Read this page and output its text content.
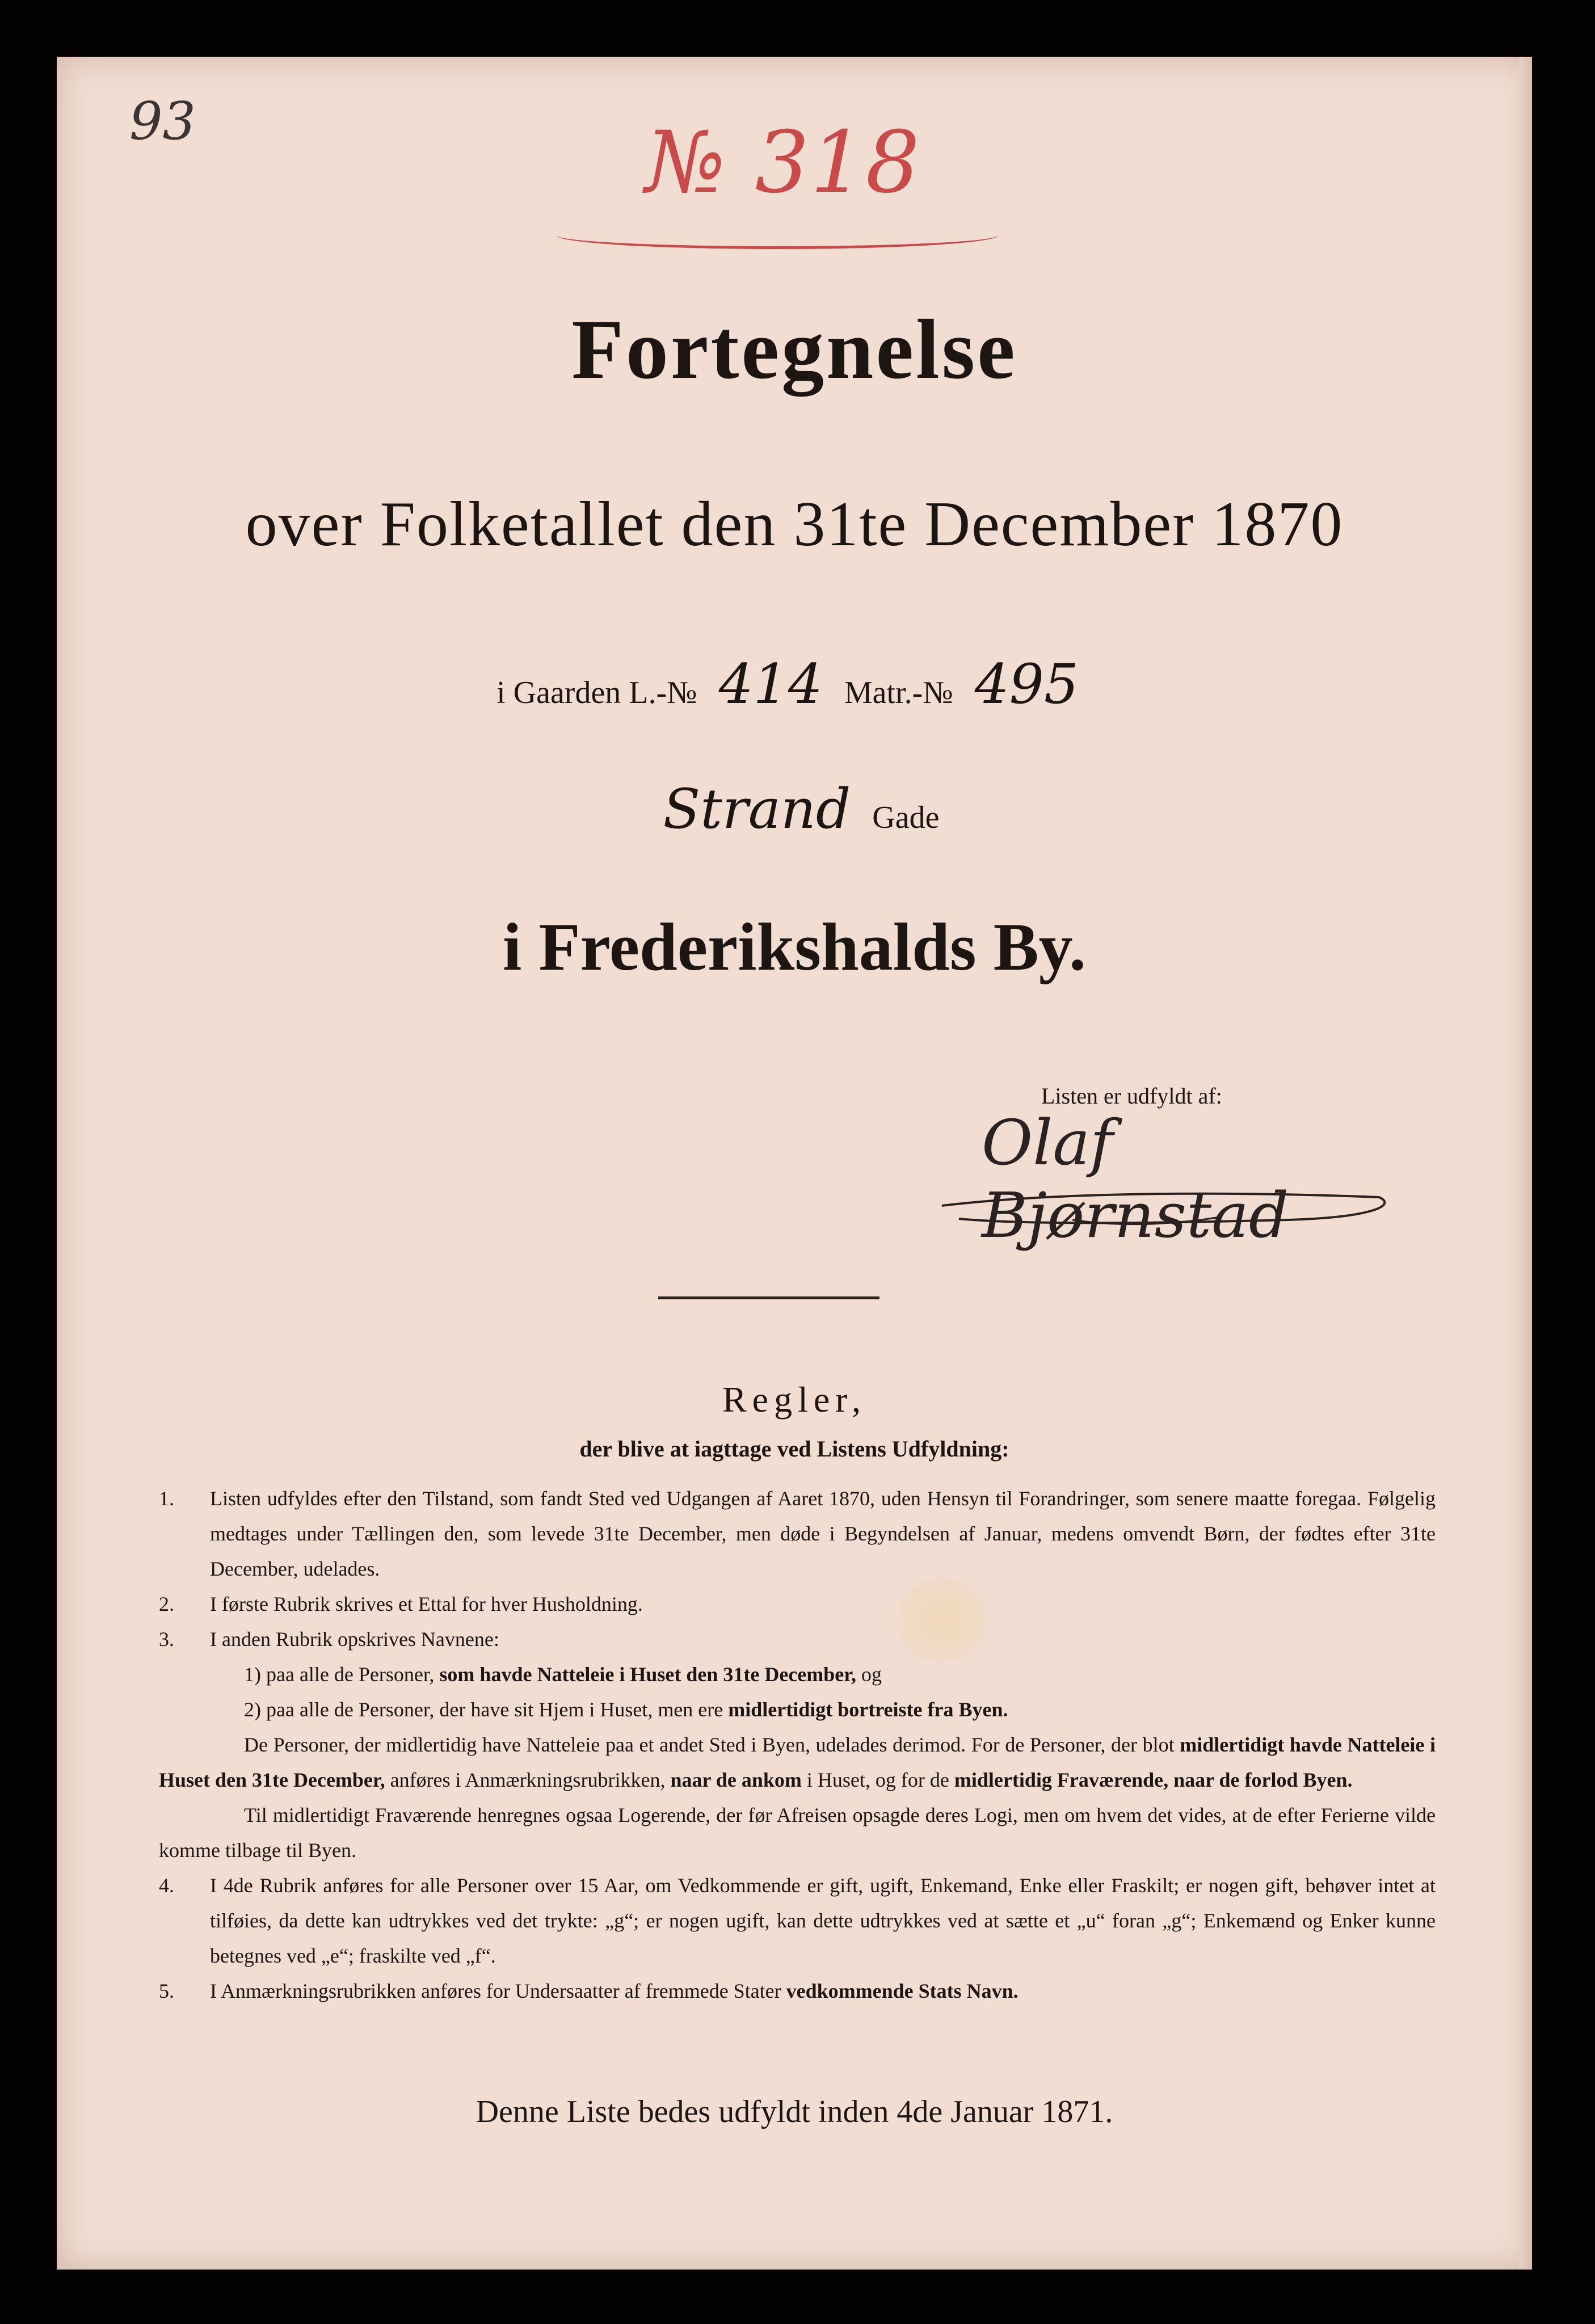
93	№ 318
Fortegnelse
over Folketallet den 31te December 1870
i Gaarden L.-№ 414 Matr.-№ 495
Strand Gade
i Frederikshalds By.
Listen er udfyldt af:
Olaf Bjørnstad
Regler,
der blive at iagttage ved Listens Udfyldning:
1. Listen udfyldes efter den Tilstand, som fandt Sted ved Udgangen af Aaret 1870, uden Hensyn til Forandringer, som senere maatte foregaa. Følgelig medtages under Tællingen den, som levede 31te December, men døde i Begyndelsen af Januar, medens omvendt Børn, der fødtes efter 31te December, udelades.
2. I første Rubrik skrives et Ettal for hver Husholdning.
3. I anden Rubrik opskrives Navnene:
1) paa alle de Personer, som havde Natteleie i Huset den 31te December, og
2) paa alle de Personer, der have sit Hjem i Huset, men ere midlertidigt bortreiste fra Byen.
De Personer, der midlertidig have Natteleie paa et andet Sted i Byen, udelades derimod. For de Personer, der blot midlertidigt havde Natteleie i Huset den 31te December, anføres i Anmærkningsrubrikken, naar de ankom i Huset, og for de midlertidig Fraværende, naar de forlod Byen.
Til midlertidigt Fraværende henregnes ogsaa Logerende, der før Afreisen opsagde deres Logi, men om hvem det vides, at de efter Ferierne vilde komme tilbage til Byen.
4. I 4de Rubrik anføres for alle Personer over 15 Aar, om Vedkommende er gift, ugift, Enkemand, Enke eller Fraskilt; er nogen gift, behøver intet at tilføies, da dette kan udtrykkes ved det trykte: „g“; er nogen ugift, kan dette udtrykkes ved at sætte et „u“ foran „g“; Enkemænd og Enker kunne betegnes ved „e“; fraskilte ved „f“.
5. I Anmærkningsrubrikken anføres for Undersaatter af fremmede Stater vedkommende Stats Navn.
Denne Liste bedes udfyldt inden 4de Januar 1871.
